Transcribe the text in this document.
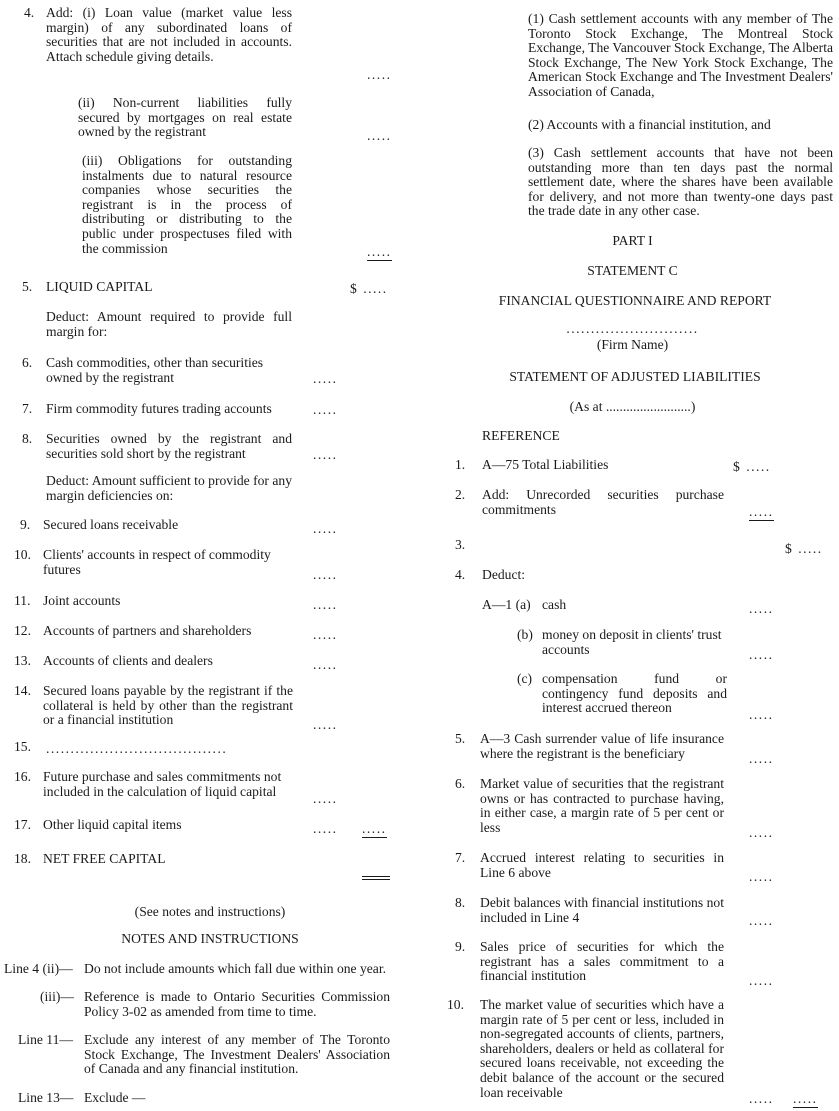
4. Add: (i) Loan value (market value less margin) of any subordinated loans of securities that are not included in accounts. Attach schedule giving details.
.....
(ii) Non-current liabilities fully secured by mortgages on real estate owned by the registrant	.....
(iii) Obligations for outstanding instalments due to natural resource companies whose securities the registrant is in the process of distributing or distributing to the public under prospectuses filed with the commission	.....
5. LIQUID CAPITAL	$ .....
Deduct: Amount required to provide full margin for:
6. Cash commodities, other than securities owned by the registrant	.....
7. Firm commodity futures trading accounts	.....
8. Securities owned by the registrant and securities sold short by the registrant	.....
Deduct: Amount sufficient to provide for any margin deficiencies on:
9. Secured loans receivable	.....
10. Clients' accounts in respect of commodity futures	.....
11. Joint accounts	.....
12. Accounts of partners and shareholders	.....
13. Accounts of clients and dealers	.....
14. Secured loans payable by the registrant if the collateral is held by other than the registrant or a financial institution	.....
15. .....................................
16. Future purchase and sales commitments not included in the calculation of liquid capital	.....
17. Other liquid capital items	..... .....
18. NET FREE CAPITAL
(See notes and instructions)
NOTES AND INSTRUCTIONS
Line 4 (ii)— Do not include amounts which fall due within one year.
(iii)— Reference is made to Ontario Securities Commission Policy 3-02 as amended from time to time.
Line 11— Exclude any interest of any member of The Toronto Stock Exchange, The Investment Dealers' Association of Canada and any financial institution.
Line 13— Exclude —
(1) Cash settlement accounts with any member of The Toronto Stock Exchange, The Montreal Stock Exchange, The Vancouver Stock Exchange, The Alberta Stock Exchange, The New York Stock Exchange, The American Stock Exchange and The Investment Dealers' Association of Canada,
(2) Accounts with a financial institution, and
(3) Cash settlement accounts that have not been outstanding more than ten days past the normal settlement date, where the shares have been available for delivery, and not more than twenty-one days past the trade date in any other case.
PART I
STATEMENT C
FINANCIAL QUESTIONNAIRE AND REPORT
...........................
(Firm Name)
STATEMENT OF ADJUSTED LIABILITIES
(As at .........................)
REFERENCE
1. A—75 Total Liabilities	$ .....
2. Add: Unrecorded securities purchase commitments	.....
3.	$ .....
4. Deduct:
A—1 (a) cash	.....
(b) money on deposit in clients' trust accounts	.....
(c) compensation fund or contingency fund deposits and interest accrued thereon	.....
5. A—3 Cash surrender value of life insurance where the registrant is the beneficiary	.....
6. Market value of securities that the registrant owns or has contracted to purchase having, in either case, a margin rate of 5 per cent or less	.....
7. Accrued interest relating to securities in Line 6 above	.....
8. Debit balances with financial institutions not included in Line 4	.....
9. Sales price of securities for which the registrant has a sales commitment to a financial institution	.....
10. The market value of securities which have a margin rate of 5 per cent or less, included in non-segregated accounts of clients, partners, shareholders, dealers or held as collateral for secured loans receivable, not exceeding the debit balance of the account or the secured loan receivable	..... .....
